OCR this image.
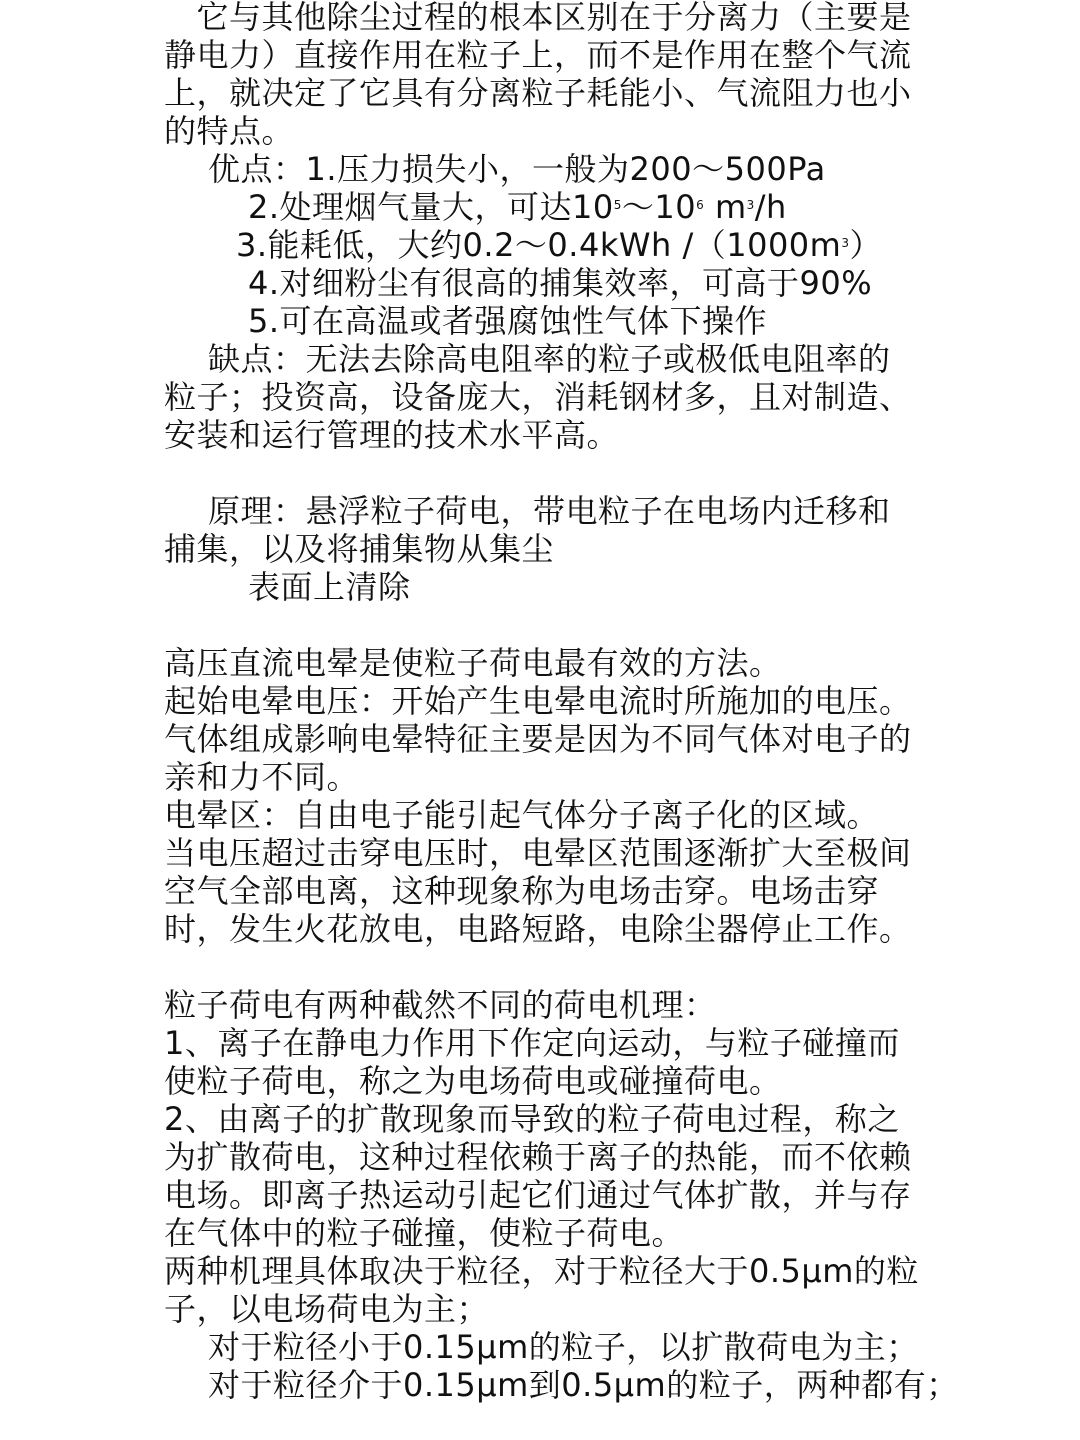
　它与其他除尘过程的根本区别在于分离力（主要是
静电力）直接作用在粒子上，而不是作用在整个气流
上，就决定了它具有分离粒子耗能小、气流阻力也小
的特点。
优点：1.压力损失小，一般为200～500Pa
2.处理烟气量大，可达$10^5\sim 10^6$ $m^3/h$
3.能耗低，大约0.2～0.4kWh $/(1000m^3)$
4.对细粉尘有很高的捕集效率，可高于90%
5.可在高温或者强腐蚀性气体下操作
缺点：无法去除高电阻率的粒子或极低电阻率的
粒子；投资高，设备庞大，消耗钢材多，且对制造、
安装和运行管理的技术水平高。
原理：悬浮粒子荷电，带电粒子在电场内迁移和
捕集，以及将捕集物从集尘
表面上清除
高压直流电晕是使粒子荷电最有效的方法。
起始电晕电压：开始产生电晕电流时所施加的电压。
气体组成影响电晕特征主要是因为不同气体对电子的
亲和力不同。
电晕区：自由电子能引起气体分子离子化的区域。
当电压超过击穿电压时，电晕区范围逐渐扩大至极间
空气全部电离，这种现象称为电场击穿。电场击穿
时，发生火花放电，电路短路，电除尘器停止工作。
粒子荷电有两种截然不同的荷电机理：
1、离子在静电力作用下作定向运动，与粒子碰撞而
使粒子荷电，称之为电场荷电或碰撞荷电。
2、由离子的扩散现象而导致的粒子荷电过程，称之
为扩散荷电，这种过程依赖于离子的热能，而不依赖
电场。即离子热运动引起它们通过气体扩散，并与存
在气体中的粒子碰撞，使粒子荷电。
两种机理具体取决于粒径，对于粒径大于0.5μm的粒
子，以电场荷电为主；
对于粒径小于0.15μm的粒子，以扩散荷电为主；
对于粒径介于0.15μm到0.5μm的粒子，两种都有；
